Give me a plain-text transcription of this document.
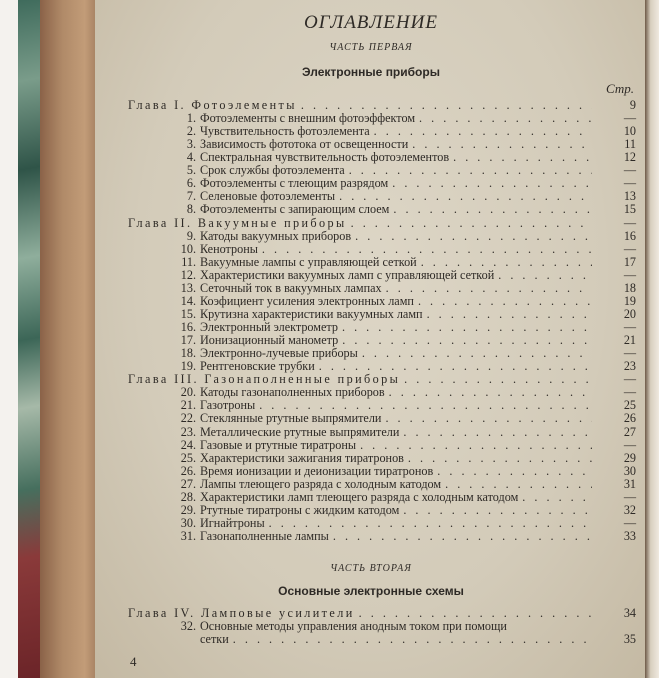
ОГЛАВЛЕНИЕ
ЧАСТЬ ПЕРВАЯ
Электронные приборы
Стр.
Глава I. Фотоэлементы . . .	9
1. Фотоэлементы с внешним фотоэффектом . . .	—
2. Чувствительность фотоэлемента . . .	10
3. Зависимость фототока от освещенности . . .	11
4. Спектральная чувствительность фотоэлементов . . .	12
5. Срок службы фотоэлемента . . .	—
6. Фотоэлементы с тлеющим разрядом . . .	—
7. Селеновые фотоэлементы . . .	13
8. Фотоэлементы с запирающим слоем . . .	15
Глава II. Вакуумные приборы . . .	—
9. Катоды вакуумных приборов . . .	16
10. Кенотроны . . .	—
11. Вакуумные лампы с управляющей сеткой . . .	17
12. Характеристики вакуумных ламп с управляющей сеткой . . .	—
13. Сеточный ток в вакуумных лампах . . .	18
14. Коэфициент усиления электронных ламп . . .	19
15. Крутизна характеристики вакуумных ламп . . .	20
16. Электронный электрометр . . .	—
17. Ионизационный манометр . . .	21
18. Электронно-лучевые приборы . . .	—
19. Рентгеновские трубки . . .	23
Глава III. Газонаполненные приборы . . .	—
20. Катоды газонаполненных приборов . . .	—
21. Газотроны . . .	25
22. Стеклянные ртутные выпрямители . . .	26
23. Металлические ртутные выпрямители . . .	27
24. Газовые и ртутные тиратроны . . .	—
25. Характеристики зажигания тиратронов . . .	29
26. Время ионизации и деионизации тиратронов . . .	30
27. Лампы тлеющего разряда с холодным катодом . . .	31
28. Характеристики ламп тлеющего разряда с холодным катодом . . .	—
29. Ртутные тиратроны с жидким катодом . . .	32
30. Игнайтроны . . .	—
31. Газонаполненные лампы . . .	33
ЧАСТЬ ВТОРАЯ
Основные электронные схемы
Глава IV. Ламповые усилители . . .	34
32. Основные методы управления анодным током при помощи
сетки . . .	35
4
